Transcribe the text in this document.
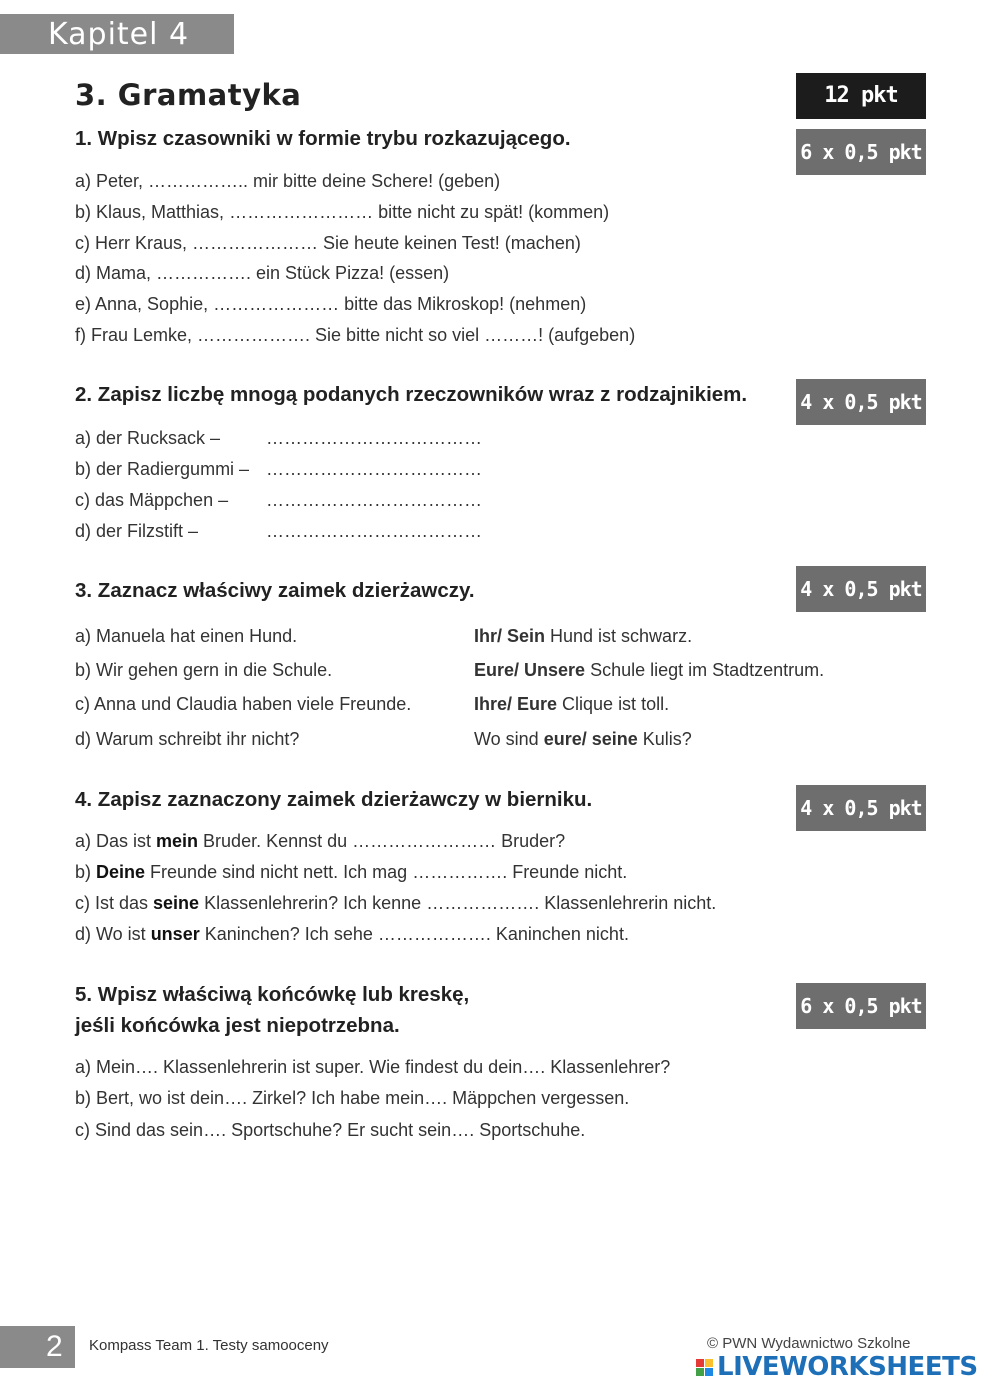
Kapitel 4
3. Gramatyka	12 pkt
1. Wpisz czasowniki w formie trybu rozkazującego.
6 x 0,5 pkt
a) Peter, …………….. mir bitte deine Schere! (geben)
b) Klaus, Matthias, …………………… bitte nicht zu spät! (kommen)
c) Herr Kraus, ………………… Sie heute keinen Test! (machen)
d) Mama, ……………. ein Stück Pizza! (essen)
e) Anna, Sophie, ………………… bitte das Mikroskop! (nehmen)
f) Frau Lemke, ………………. Sie bitte nicht so viel ………! (aufgeben)
2. Zapisz liczbę mnogą podanych rzeczowników wraz z rodzajnikiem.	4 x 0,5 pkt
a) der Rucksack –	………………………………
b) der Radiergummi – ………………………………
c) das Mäppchen – ………………………………
d) der Filzstift –	………………………………
3. Zaznacz właściwy zaimek dzierżawczy.	4 x 0,5 pkt
a) Manuela hat einen Hund.	Ihr/ Sein Hund ist schwarz.
b) Wir gehen gern in die Schule.	Eure/ Unsere Schule liegt im Stadtzentrum.
c) Anna und Claudia haben viele Freunde.	Ihre/ Eure Clique ist toll.
d) Warum schreibt ihr nicht?	Wo sind eure/ seine Kulis?
4. Zapisz zaznaczony zaimek dzierżawczy w bierniku.	4 x 0,5 pkt
a) Das ist mein Bruder. Kennst du …………………… Bruder?
b) Deine Freunde sind nicht nett. Ich mag ……………. Freunde nicht.
c) Ist das seine Klassenlehrerin? Ich kenne ………………. Klassenlehrerin nicht.
d) Wo ist unser Kaninchen? Ich sehe ………………. Kaninchen nicht.
5. Wpisz właściwą końcówkę lub kreskę,
jeśli końcówka jest niepotrzebna.
6 x 0,5 pkt
a) Mein…. Klassenlehrerin ist super. Wie findest du dein…. Klassenlehrer?
b) Bert, wo ist dein…. Zirkel? Ich habe mein…. Mäppchen vergessen.
c) Sind das sein…. Sportschuhe? Er sucht sein…. Sportschuhe.
2 Kompass Team 1. Testy samooceny	© PWN Wydawnictwo Szkolne
LIVEWORKSHEETS
